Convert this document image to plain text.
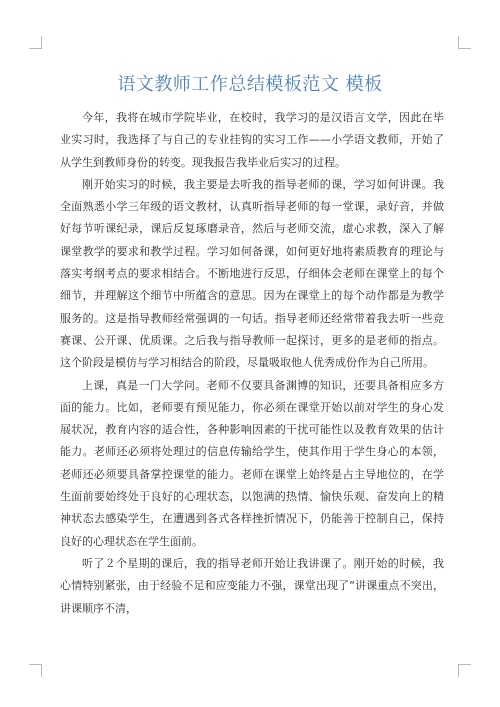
语文教师工作总结模板范文 模板

今年，我将在城市学院毕业，在校时，我学习的是汉语言文学，因此在毕业实习时，我选择了与自己的专业挂钩的实习工作——小学语文教师，开始了从学生到教师身份的转变。现我报告我毕业后实习的过程。

刚开始实习的时候，我主要是去听我的指导老师的课，学习如何讲课。我全面熟悉小学三年级的语文教材，认真听指导老师的每一堂课，录好音，并做好每节听课纪录，课后反复琢磨录音，然后与老师交流，虚心求教，深入了解课堂教学的要求和教学过程。学习如何备课，如何更好地将素质教育的理论与落实考纲考点的要求相结合。不断地进行反思，仔细体会老师在课堂上的每个细节，并理解这个细节中所蕴含的意思。因为在课堂上的每个动作都是为教学服务的。这是指导教师经常强调的一句话。指导老师还经常带着我去听一些竞赛课、公开课、优质课。之后我与指导教师一起探讨，更多的是老师的指点。这个阶段是模仿与学习相结合的阶段，尽量吸取他人优秀成份作为自己所用。

上课，真是一门大学问。老师不仅要具备渊博的知识，还要具备相应多方面的能力。比如，老师要有预见能力，你必须在课堂开始以前对学生的身心发展状况，教育内容的适合性，各种影响因素的干扰可能性以及教育效果的估计能力。老师还必须将处理过的信息传输给学生，使其作用于学生身心的本领，老师还必须要具备掌控课堂的能力。老师在课堂上始终是占主导地位的，在学生面前要始终处于良好的心理状态，以饱满的热情、愉快乐观、奋发向上的精神状态去感染学生，在遭遇到各式各样挫折情况下，仍能善于控制自己，保持良好的心理状态在学生面前。

听了２个星期的课后，我的指导老师开始让我讲课了。刚开始的时候，我心情特别紧张，由于经验不足和应变能力不强，课堂出现了“讲课重点不突出，讲课顺序不清，
